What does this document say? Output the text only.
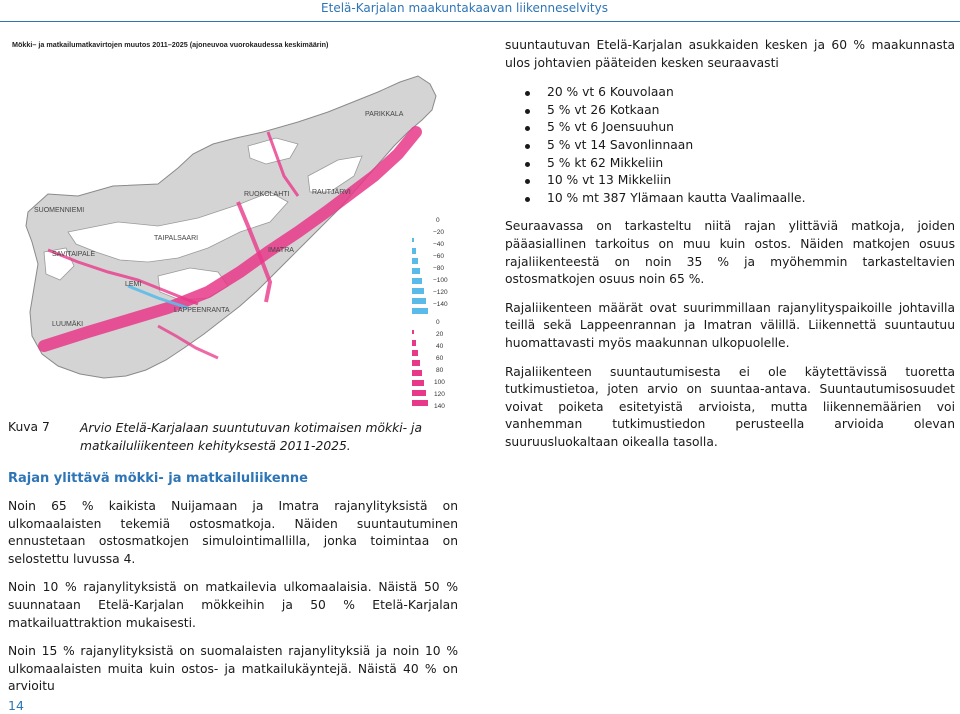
Etelä-Karjalan maakuntakaavan liikenneselvitys
PARIKKALA
RUOKOLAHTI	RAUTJÄRVI
SUOMENNIEMI
TAIPALSAARI
SAVITAIPALE
IMATRA
LEMI
LAPPEENRANTA
LUUMÄKI
0
−20
−40
−60
−80
−100
−120
−140
0
20
40
60
80
100
120
140
Mökki– ja matkailumatkavirtojen muutos 2011–2025 (ajoneuvoa vuorokaudessa keskimäärin)	suuntautuvan Etelä-Karjalan asukkaiden kesken ja 60 % maakunnasta ulos johtavien pääteiden kesken seuraavasti

20 % vt 6 Kouvolaan
5 % vt 26 Kotkaan
5 % vt 6 Joensuuhun
5 % vt 14 Savonlinnaan
5 % kt 62 Mikkeliin
10 % vt 13 Mikkeliin
10 % mt 387 Ylämaan kautta Vaalimaalle.

Seuraavassa on tarkasteltu niitä rajan ylittäviä matkoja, joiden pääasiallinen tarkoitus on muu kuin ostos. Näiden matkojen osuus rajaliikenteestä on noin 35 % ja myöhemmin tarkasteltavien ostosmatkojen osuus noin 65 %.

Rajaliikenteen määrät ovat suurimmillaan rajanylityspaikoille johtavilla teillä sekä Lappeenrannan ja Imatran välillä. Liikennettä suuntautuu huomattavasti myös maakunnan ulkopuolelle.

Rajaliikenteen suuntautumisesta ei ole käytettävissä tuoretta tutkimustietoa, joten arvio on suuntaa-antava. Suuntautumisosuudet voivat poiketa esitetyistä arvioista, mutta liikennemäärien voi vanhemman tutkimustiedon perusteella arvioida olevan suuruusluokaltaan oikealla tasolla.

Kuva 7 Arvio Etelä-Karjalaan suuntutuvan kotimaisen mökki- ja matkailuliikenteen kehityksestä 2011-2025.
Rajan ylittävä mökki- ja matkailuliikenne

Noin 65 % kaikista Nuijamaan ja Imatra rajanylityksistä on ulkomaalaisten tekemiä ostosmatkoja. Näiden suuntautuminen ennustetaan ostosmatkojen simulointimallilla, jonka toimintaa on selostettu luvussa 4.

Noin 10 % rajanylityksistä on matkailevia ulkomaalaisia. Näistä 50 % suunnataan Etelä-Karjalan mökkeihin ja 50 % Etelä-Karjalan matkailuattraktion mukaisesti.

Noin 15 % rajanylityksistä on suomalaisten rajanylityksiä ja noin 10 % ulkomaalaisten muita kuin ostos- ja matkailukäyntejä. Näistä 40 % on arvioitu

14
